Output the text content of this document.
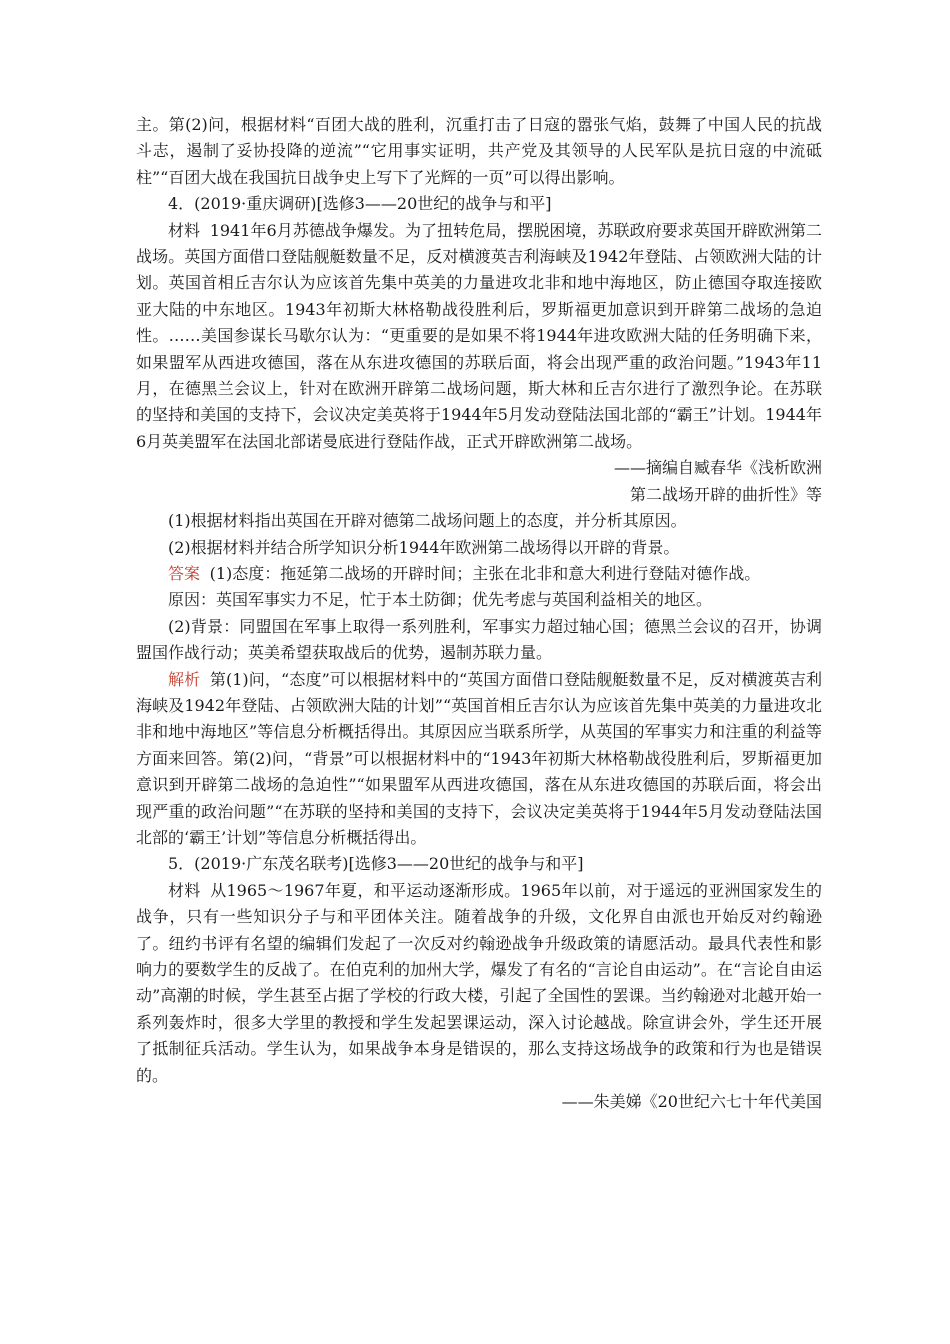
主。第(2)问，根据材料“百团大战的胜利，沉重打击了日寇的嚣张气焰，鼓舞了中国人民的抗战斗志，遏制了妥协投降的逆流”“它用事实证明，共产党及其领导的人民军队是抗日寇的中流砥柱”“百团大战在我国抗日战争史上写下了光辉的一页”可以得出影响。

4．(2019·重庆调研)[选修3——20世纪的战争与和平]

材料 1941年6月苏德战争爆发。为了扭转危局，摆脱困境，苏联政府要求英国开辟欧洲第二战场。英国方面借口登陆舰艇数量不足，反对横渡英吉利海峡及1942年登陆、占领欧洲大陆的计划。英国首相丘吉尔认为应该首先集中英美的力量进攻北非和地中海地区，防止德国夺取连接欧亚大陆的中东地区。1943年初斯大林格勒战役胜利后，罗斯福更加意识到开辟第二战场的急迫性。……美国参谋长马歇尔认为：“更重要的是如果不将1944年进攻欧洲大陆的任务明确下来，如果盟军从西进攻德国，落在从东进攻德国的苏联后面，将会出现严重的政治问题。”1943年11月，在德黑兰会议上，针对在欧洲开辟第二战场问题，斯大林和丘吉尔进行了激烈争论。在苏联的坚持和美国的支持下，会议决定美英将于1944年5月发动登陆法国北部的“霸王”计划。1944年6月英美盟军在法国北部诺曼底进行登陆作战，正式开辟欧洲第二战场。

——摘编自臧春华《浅析欧洲

第二战场开辟的曲折性》等

(1)根据材料指出英国在开辟对德第二战场问题上的态度，并分析其原因。

(2)根据材料并结合所学知识分析1944年欧洲第二战场得以开辟的背景。

答案 (1)态度：拖延第二战场的开辟时间；主张在北非和意大利进行登陆对德作战。

原因：英国军事实力不足，忙于本土防御；优先考虑与英国利益相关的地区。

(2)背景：同盟国在军事上取得一系列胜利，军事实力超过轴心国；德黑兰会议的召开，协调盟国作战行动；英美希望获取战后的优势，遏制苏联力量。

解析 第(1)问，“态度”可以根据材料中的“英国方面借口登陆舰艇数量不足，反对横渡英吉利海峡及1942年登陆、占领欧洲大陆的计划”“英国首相丘吉尔认为应该首先集中英美的力量进攻北非和地中海地区”等信息分析概括得出。其原因应当联系所学，从英国的军事实力和注重的利益等方面来回答。第(2)问，“背景”可以根据材料中的“1943年初斯大林格勒战役胜利后，罗斯福更加意识到开辟第二战场的急迫性”“如果盟军从西进攻德国，落在从东进攻德国的苏联后面，将会出现严重的政治问题”“在苏联的坚持和美国的支持下，会议决定美英将于1944年5月发动登陆法国北部的‘霸王’计划”等信息分析概括得出。

5．(2019·广东茂名联考)[选修3——20世纪的战争与和平]

材料 从1965～1967年夏，和平运动逐渐形成。1965年以前，对于遥远的亚洲国家发生的战争，只有一些知识分子与和平团体关注。随着战争的升级，文化界自由派也开始反对约翰逊了。纽约书评有名望的编辑们发起了一次反对约翰逊战争升级政策的请愿活动。最具代表性和影响力的要数学生的反战了。在伯克利的加州大学，爆发了有名的“言论自由运动”。在“言论自由运动”高潮的时候，学生甚至占据了学校的行政大楼，引起了全国性的罢课。当约翰逊对北越开始一系列轰炸时，很多大学里的教授和学生发起罢课运动，深入讨论越战。除宣讲会外，学生还开展了抵制征兵活动。学生认为，如果战争本身是错误的，那么支持这场战争的政策和行为也是错误的。

——朱美娣《20世纪六七十年代美国
